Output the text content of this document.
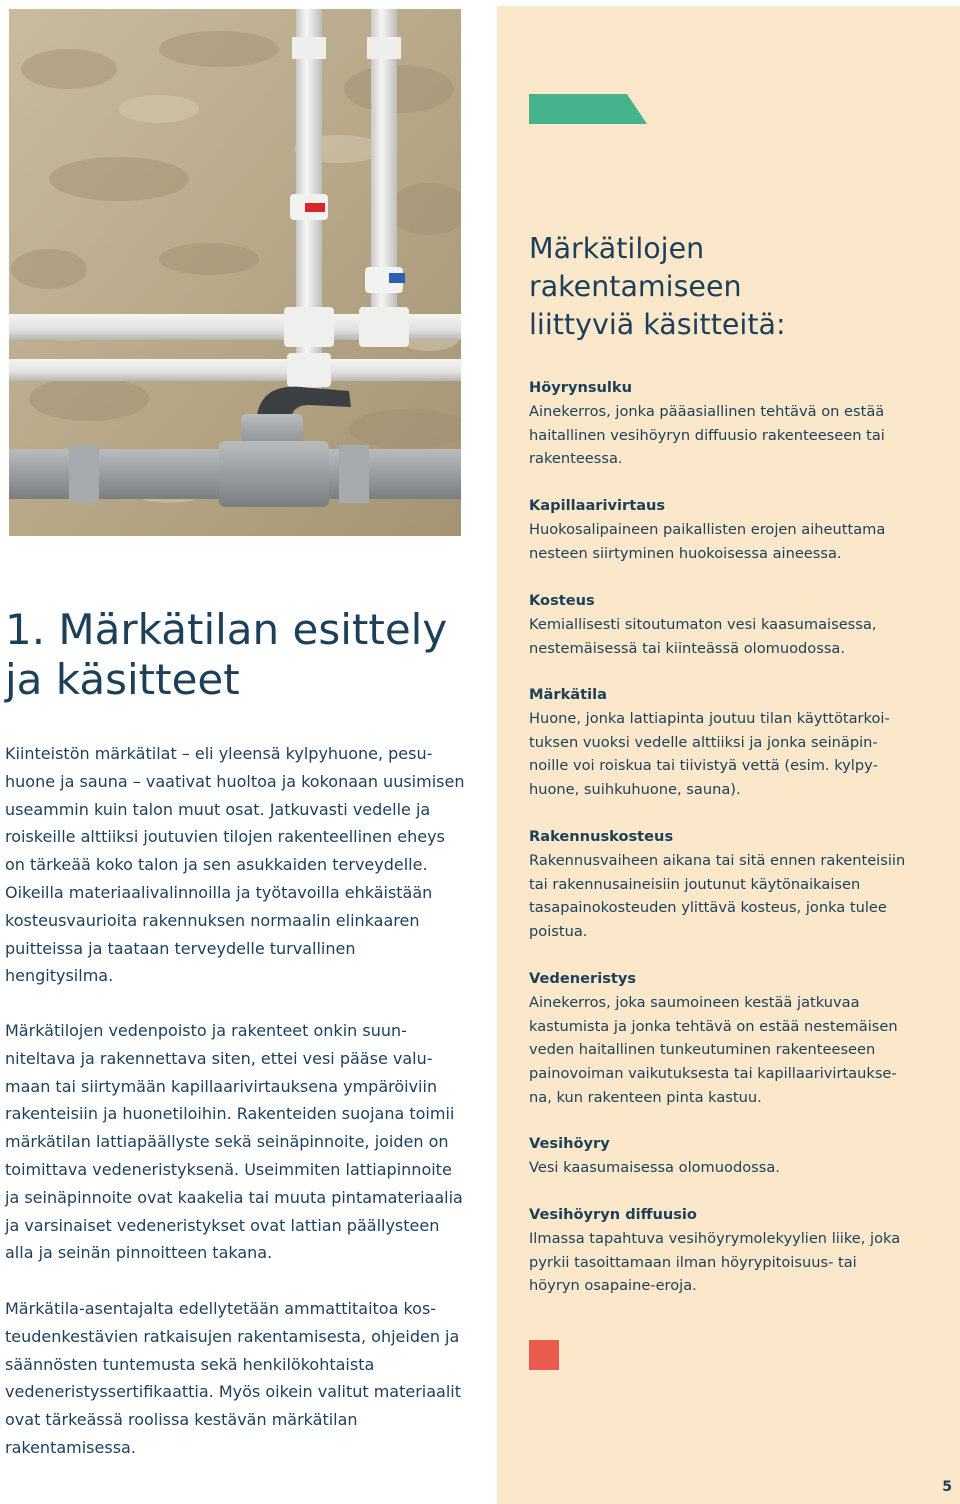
1. Märkätilan esittely
ja käsitteet

Kiinteistön märkätilat – eli yleensä kylpyhuone, pesuhuone ja sauna – vaativat huoltoa ja kokonaan uusimisen useammin kuin talon muut osat. Jatkuvasti vedelle ja roiskeille alttiiksi joutuvien tilojen rakenteellinen eheys on tärkeää koko talon ja sen asukkaiden terveydelle. Oikeilla materiaalivalinnoilla ja työtavoilla ehkäistään kosteusvaurioita rakennuksen normaalin elinkaaren puitteissa ja taataan terveydelle turvallinen hengitysilma.

Märkätilojen vedenpoisto ja rakenteet onkin suunniteltava ja rakennettava siten, ettei vesi pääse valumaan tai siirtymään kapillaarivirtauksena ympäröiviin rakenteisiin ja huonetiloihin. Rakenteiden suojana toimii märkätilan lattiapäällyste sekä seinäpinnoite, joiden on toimittava vedeneristyksenä. Useimmiten lattiapinnoite ja seinäpinnoite ovat kaakelia tai muuta pintamateriaalia ja varsinaiset vedeneristykset ovat lattian päällysteen alla ja seinän pinnoitteen takana.

Märkätila-asentajalta edellytetään ammattitaitoa kosteudenkestävien ratkaisujen rakentamisesta, ohjeiden ja säännösten tuntemusta sekä henkilökohtaista vedeneristyssertifikaattia. Myös oikein valitut materiaalit ovat tärkeässä roolissa kestävän märkätilan rakentamisessa.

Märkätilojen
rakentamiseen
liittyviä käsitteitä:
Höyrynsulku
Ainekerros, jonka pääasiallinen tehtävä on estää haitallinen vesihöyryn diffuusio rakenteeseen tai rakenteessa.
Kapillaarivirtaus
Huokosalipaineen paikallisten erojen aiheuttama nesteen siirtyminen huokoisessa aineessa.
Kosteus
Kemiallisesti sitoutumaton vesi kaasumaisessa, nestemäisessä tai kiinteässä olomuodossa.
Märkätila
Huone, jonka lattiapinta joutuu tilan käyttötarkoituksen vuoksi vedelle alttiiksi ja jonka seinäpinnoille voi roiskua tai tiivistyä vettä (esim. kylpyhuone, suihkuhuone, sauna).
Rakennuskosteus
Rakennusvaiheen aikana tai sitä ennen rakenteisiin tai rakennusaineisiin joutunut käytönaikaisen tasapainokosteuden ylittävä kosteus, jonka tulee poistua.
Vedeneristys
Ainekerros, joka saumoineen kestää jatkuvaa kastumista ja jonka tehtävä on estää nestemäisen veden haitallinen tunkeutuminen rakenteeseen painovoiman vaikutuksesta tai kapillaarivirtauksena, kun rakenteen pinta kastuu.
Vesihöyry
Vesi kaasumaisessa olomuodossa.
Vesihöyryn diffuusio
Ilmassa tapahtuva vesihöyrymolekyylien liike, joka pyrkii tasoittamaan ilman höyrypitoisuus- tai höyryn osapaine-eroja.
5
